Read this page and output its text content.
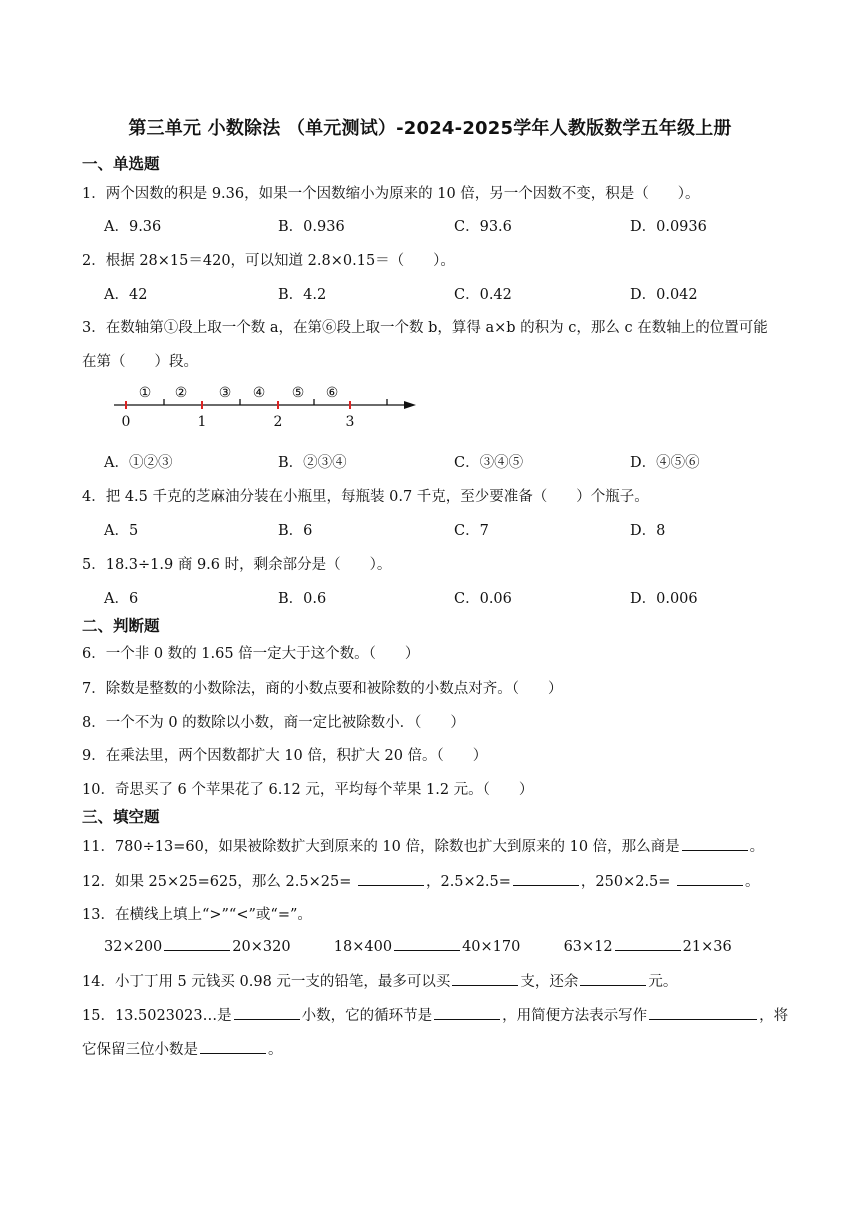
第三单元 小数除法 （单元测试）-2024-2025学年人教版数学五年级上册
一、单选题
1．两个因数的积是 9.36，如果一个因数缩小为原来的 10 倍，另一个因数不变，积是（　　）。
A．9.36	B．0.936	C．93.6	D．0.0936
2．根据 28×15＝420，可以知道 2.8×0.15＝（　　）。
A．42	B．4.2	C．0.42	D．0.042
3．在数轴第①段上取一个数 a，在第⑥段上取一个数 b，算得 a×b 的积为 c，那么 c 在数轴上的位置可能
在第（　　）段。
① ② ③ ④ ⑤ ⑥
0	1	2	3
A．①②③	B．②③④	C．③④⑤	D．④⑤⑥
4．把 4.5 千克的芝麻油分装在小瓶里，每瓶装 0.7 千克，至少要准备（　　）个瓶子。
A．5	B．6	C．7	D．8
5．18.3÷1.9 商 9.6 时，剩余部分是（　　）。
A．6	B．0.6	C．0.06	D．0.006
二、判断题
6．一个非 0 数的 1.65 倍一定大于这个数。（　　）
7．除数是整数的小数除法，商的小数点要和被除数的小数点对齐。（　　）
8．一个不为 0 的数除以小数，商一定比被除数小．（　　）
9．在乘法里，两个因数都扩大 10 倍，积扩大 20 倍。（　　）
10．奇思买了 6 个苹果花了 6.12 元，平均每个苹果 1.2 元。（　　）
三、填空题
11．780÷13=60，如果被除数扩大到原来的 10 倍，除数也扩大到原来的 10 倍，那么商是	。
12．如果 25×25=625，那么 2.5×25=	，2.5×2.5=	，250×2.5=	。
13．在横线上填上“>”“<”或“=”。
32×200	20×320	18×400	40×170	63×12	21×36
14．小丁丁用 5 元钱买 0.98 元一支的铅笔，最多可以买	支，还余	元。
15．13.5023023…是	小数，它的循环节是	，用简便方法表示写作	，将
它保留三位小数是	。
